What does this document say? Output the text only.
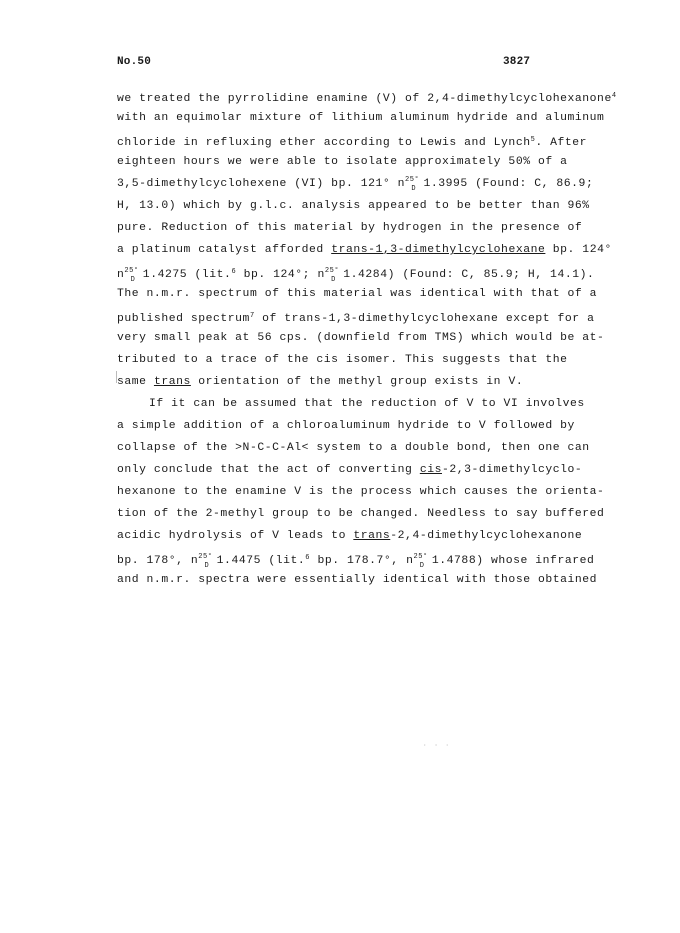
No.50	3827
we treated the pyrrolidine enamine (V) of 2,4-dimethylcyclohexanone$^4$
with an equimolar mixture of lithium aluminum hydride and aluminum
chloride in refluxing ether according to Lewis and Lynch$^5$. After
eighteen hours we were able to isolate approximately 50% of a
3,5-dimethylcyclohexene (VI) bp. 121° $n^{25^\circ}_D$ 1.3995 (Found: C, 86.9;
H, 13.0) which by g.l.c. analysis appeared to be better than 96%
pure. Reduction of this material by hydrogen in the presence of
a platinum catalyst afforded trans-1,3-dimethylcyclohexane bp. 124°
$n^{25^\circ}_D$ 1.4275 (lit.$^6$ bp. 124°; $n^{25^\circ}_D$ 1.4284) (Found: C, 85.9; H, 14.1).
The n.m.r. spectrum of this material was identical with that of a
published spectrum$^7$ of trans-1,3-dimethylcyclohexane except for a
very small peak at 56 cps. (downfield from TMS) which would be at-
tributed to a trace of the cis isomer. This suggests that the
same trans orientation of the methyl group exists in V.
If it can be assumed that the reduction of V to VI involves
a simple addition of a chloroaluminum hydride to V followed by
collapse of the >N-C-C-Al< system to a double bond, then one can
only conclude that the act of converting cis-2,3-dimethylcyclo-
hexanone to the enamine V is the process which causes the orienta-
tion of the 2-methyl group to be changed. Needless to say buffered
acidic hydrolysis of V leads to trans-2,4-dimethylcyclohexanone
bp. 178°, $n^{25^\circ}_D$ 1.4475 (lit.$^6$ bp. 178.7°, $n^{25^\circ}_D$ 1.4788) whose infrared
and n.m.r. spectra were essentially identical with those obtained
· · ·
